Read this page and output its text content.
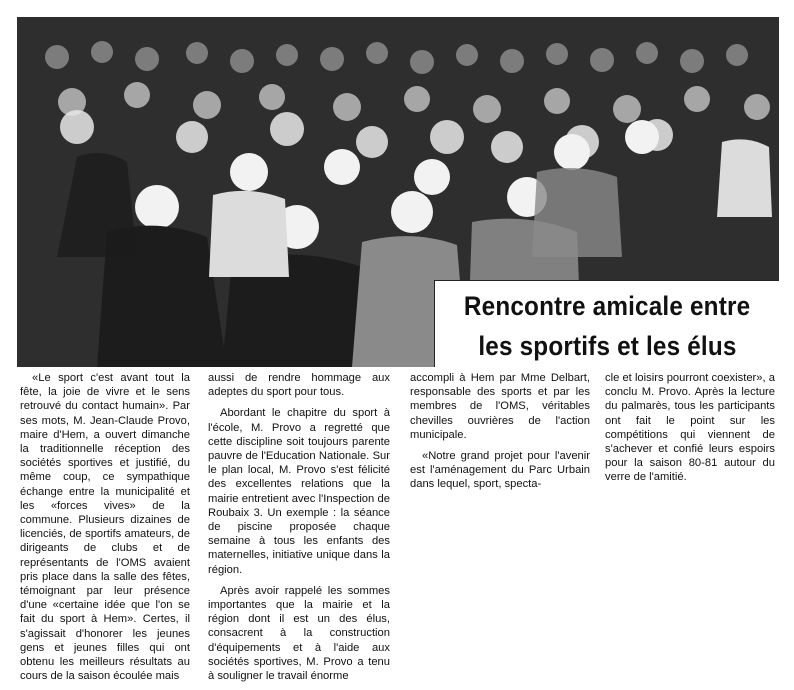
Rencontre amicale entre
les sportifs et les élus

«Le sport c'est avant tout la fête, la joie de vivre et le sens retrouvé du contact humain». Par ses mots, M. Jean-Claude Provo, maire d'Hem, a ouvert dimanche la traditionnelle réception des sociétés sportives et justifié, du même coup, ce sympathique échange entre la municipalité et les «forces vives» de la commune. Plusieurs dizaines de licenciés, de sportifs amateurs, de dirigeants de clubs et de représentants de l'OMS avaient pris place dans la salle des fêtes, témoignant par leur présence d'une «certaine idée que l'on se fait du sport à Hem». Certes, il s'agissait d'honorer les jeunes gens et jeunes filles qui ont obtenu les meilleurs résultats au cours de la saison écoulée mais

aussi de rendre hommage aux adeptes du sport pour tous.

Abordant le chapitre du sport à l'école, M. Provo a regretté que cette discipline soit toujours parente pauvre de l'Education Nationale. Sur le plan local, M. Provo s'est félicité des excellentes relations que la mairie entretient avec l'Inspection de Roubaix 3. Un exemple : la séance de piscine proposée chaque semaine à tous les enfants des maternelles, initiative unique dans la région.

Après avoir rappelé les sommes importantes que la mairie et la région dont il est un des élus, consacrent à la construction d'équipements et à l'aide aux sociétés sportives, M. Provo a tenu à souligner le travail énorme

accompli à Hem par Mme Delbart, responsable des sports et par les membres de l'OMS, véritables chevilles ouvrières de l'action municipale.

«Notre grand projet pour l'avenir est l'aménagement du Parc Urbain dans lequel, sport, specta-

cle et loisirs pourront coexister», a conclu M. Provo. Après la lecture du palmarès, tous les participants ont fait le point sur les compétitions qui viennent de s'achever et confié leurs espoirs pour la saison 80-81 autour du verre de l'amitié.
